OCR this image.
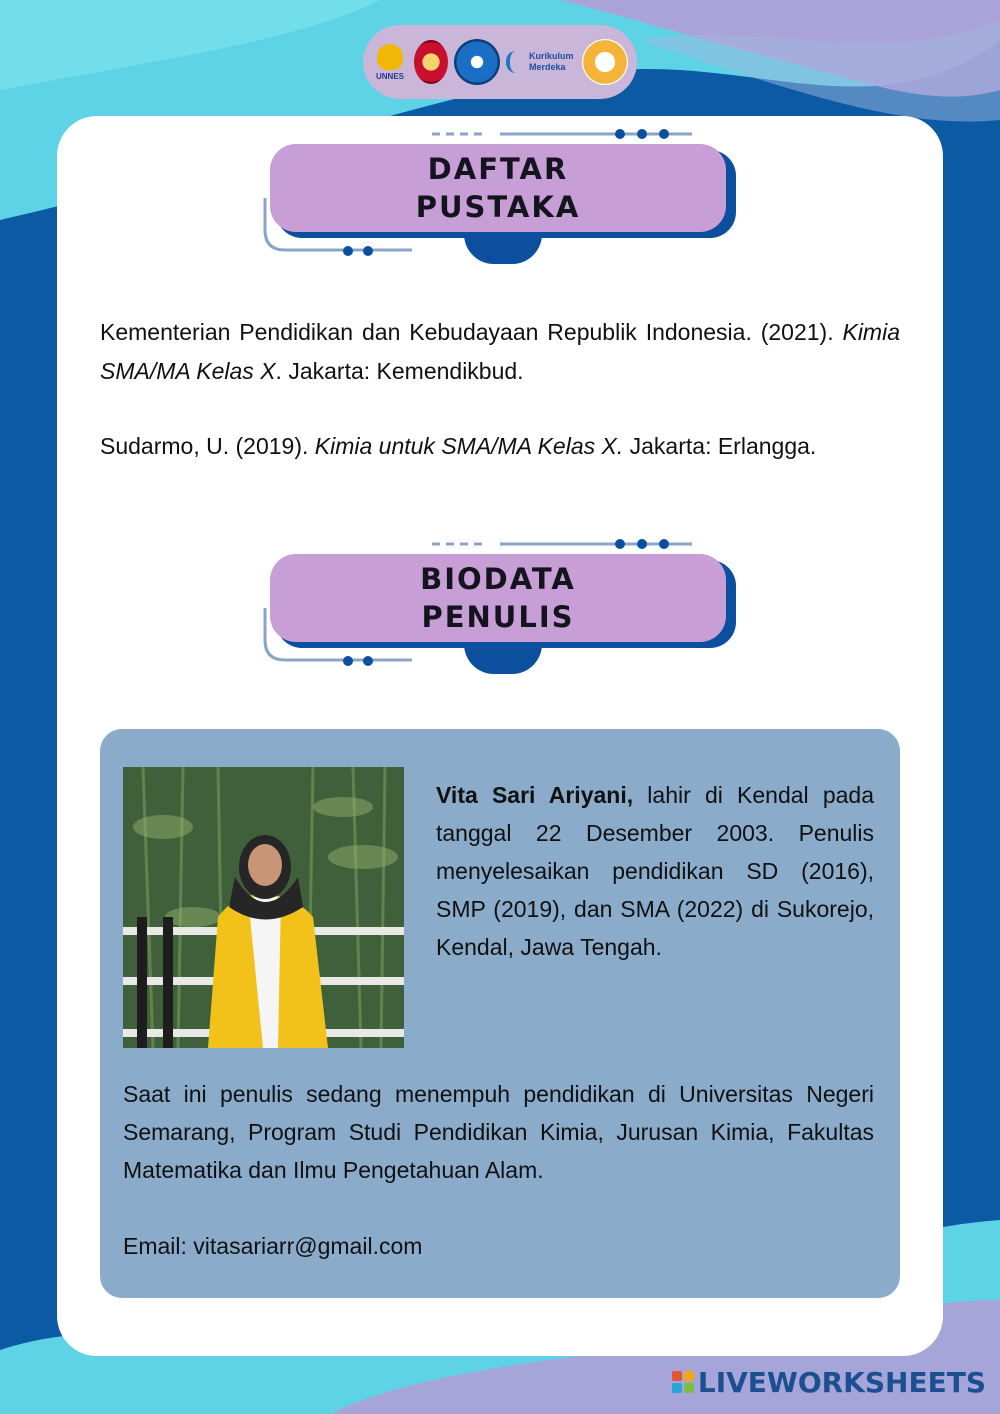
UNNES
Kurikulum
Merdeka
DAFTAR
PUSTAKA

Kementerian Pendidikan dan Kebudayaan Republik Indonesia. (2021). Kimia SMA/MA Kelas X. Jakarta: Kemendikbud.

Sudarmo, U. (2019). Kimia untuk SMA/MA Kelas X. Jakarta: Erlangga.

BIODATA
PENULIS

Vita Sari Ariyani, lahir di Kendal pada tanggal 22 Desember 2003. Penulis menyelesaikan pendidikan SD (2016), SMP (2019), dan SMA (2022) di Sukorejo, Kendal, Jawa Tengah.

Saat ini penulis sedang menempuh pendidikan di Universitas Negeri Semarang, Program Studi Pendidikan Kimia, Jurusan Kimia, Fakultas Matematika dan Ilmu Pengetahuan Alam.

Email: vitasariarr@gmail.com

LIVEWORKSHEETS
